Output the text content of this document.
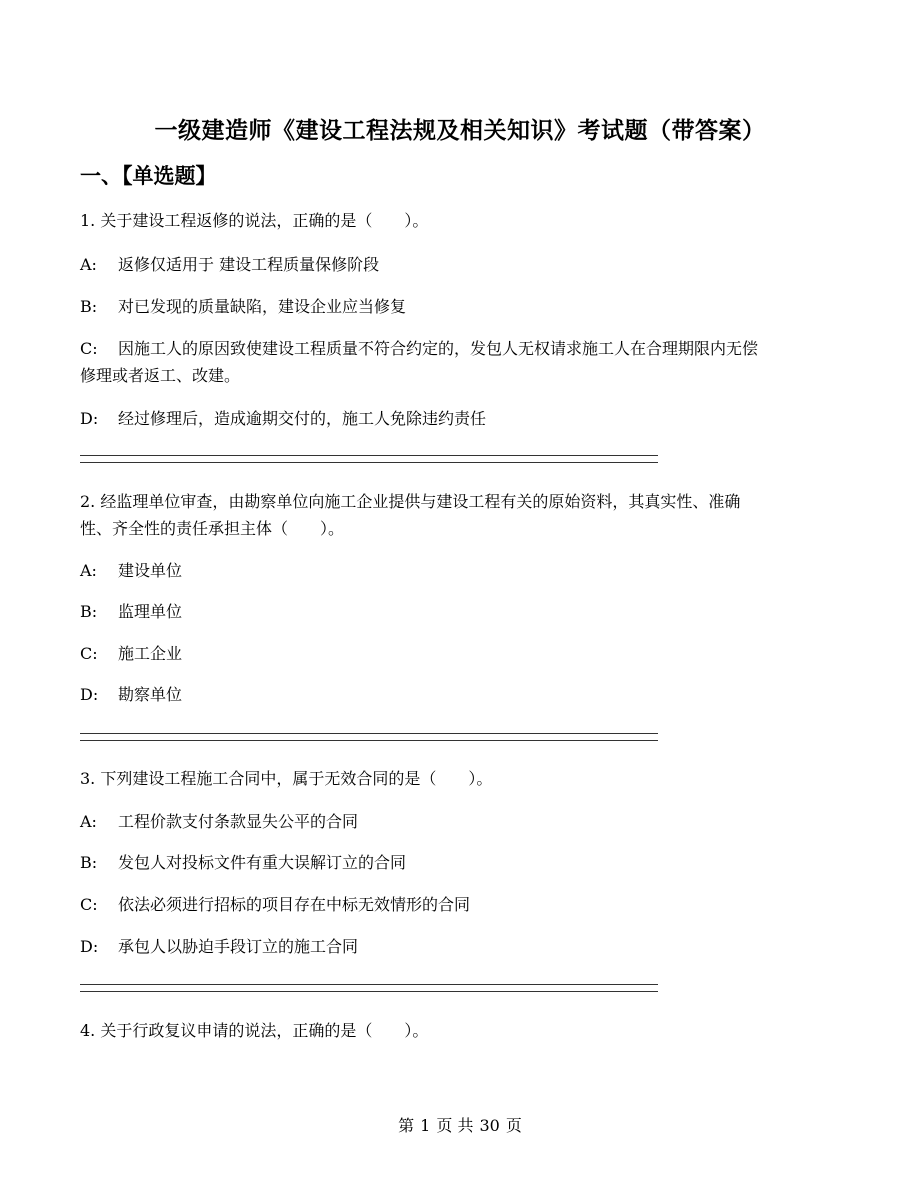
一级建造师《建设工程法规及相关知识》考试题（带答案）
一、【单选题】
1. 关于建设工程返修的说法，正确的是（　　）。
A: 返修仅适用于 建设工程质量保修阶段
B: 对已发现的质量缺陷，建设企业应当修复
C: 因施工人的原因致使建设工程质量不符合约定的，发包人无权请求施工人在合理期限内无偿
修理或者返工、改建。
D: 经过修理后，造成逾期交付的，施工人免除违约责任
2. 经监理单位审查，由勘察单位向施工企业提供与建设工程有关的原始资料，其真实性、准确
性、齐全性的责任承担主体（　　）。
A: 建设单位
B: 监理单位
C: 施工企业
D: 勘察单位
3. 下列建设工程施工合同中，属于无效合同的是（　　）。
A: 工程价款支付条款显失公平的合同
B: 发包人对投标文件有重大误解订立的合同
C: 依法必须进行招标的项目存在中标无效情形的合同
D: 承包人以胁迫手段订立的施工合同
4. 关于行政复议申请的说法，正确的是（　　）。
第 1 页 共 30 页
